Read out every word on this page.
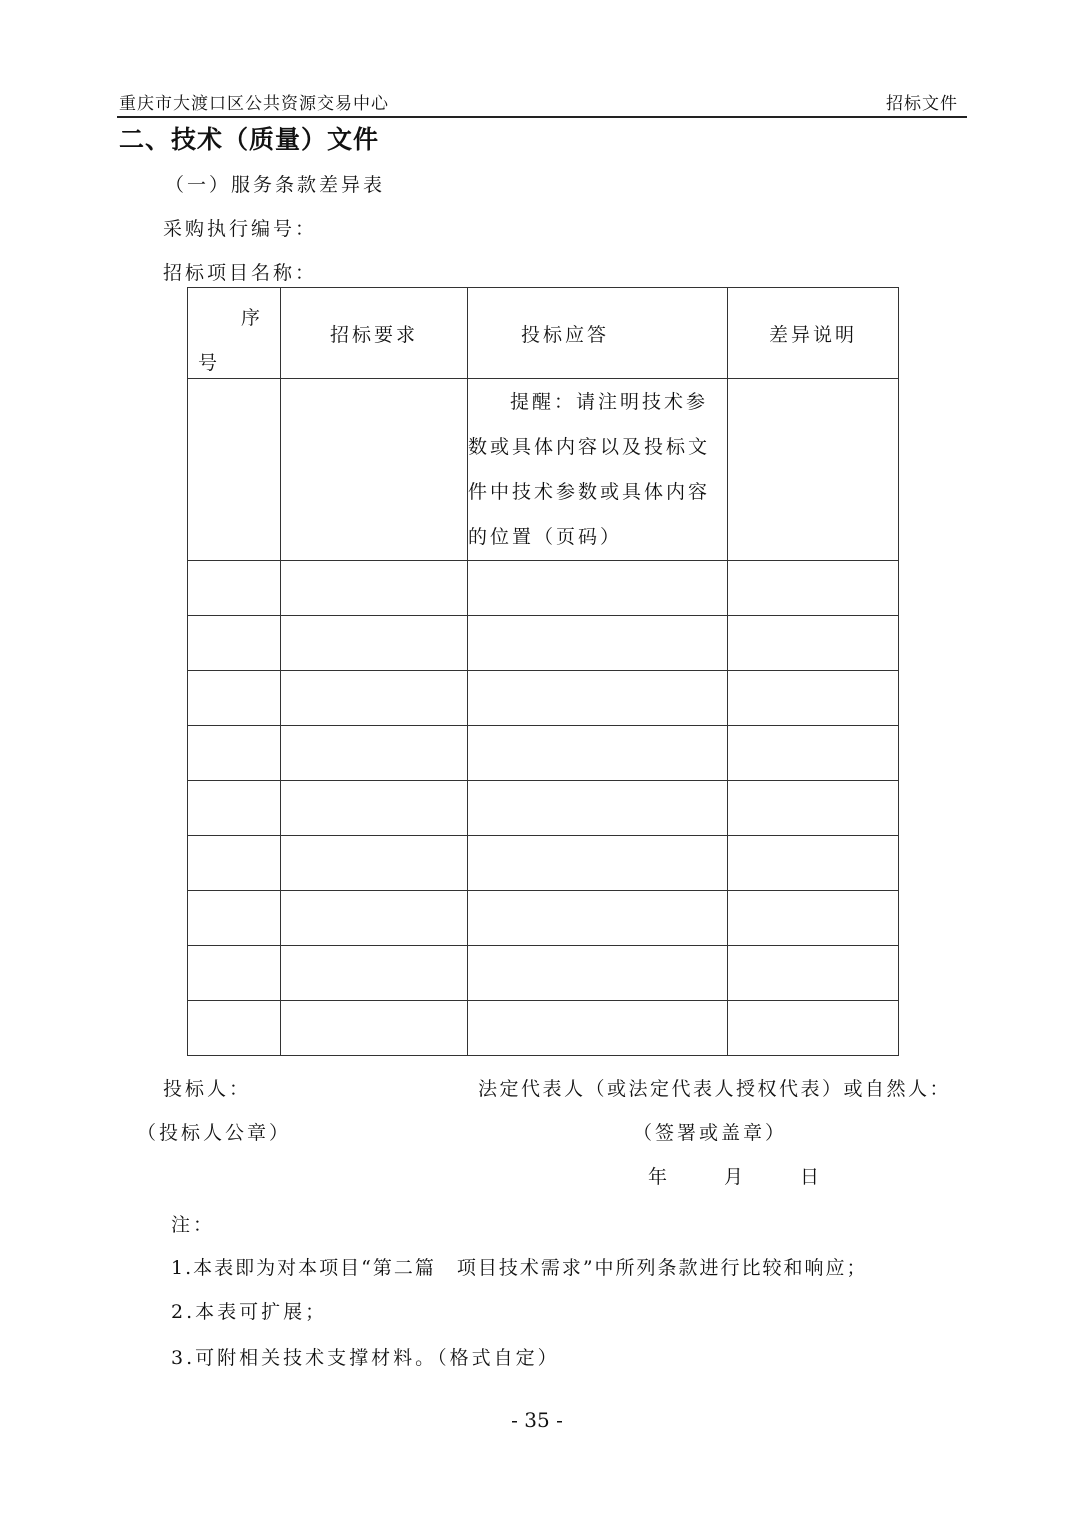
重庆市大渡口区公共资源交易中心	招标文件
二、技术（质量）文件
（一）服务条款差异表
采购执行编号：
招标项目名称：
序
号	招标要求	投标应答	差异说明

		提醒：请注明技术参
数或具体内容以及投标文
件中技术参数或具体内容
的位置（页码）	

投标人：	法定代表人（或法定代表人授权代表）或自然人：
（投标人公章）	（签署或盖章）
年	月	日
注：
1.本表即为对本项目“第二篇　项目技术需求”中所列条款进行比较和响应；
2.本表可扩展；
3.可附相关技术支撑材料。（格式自定）
- 35 -
